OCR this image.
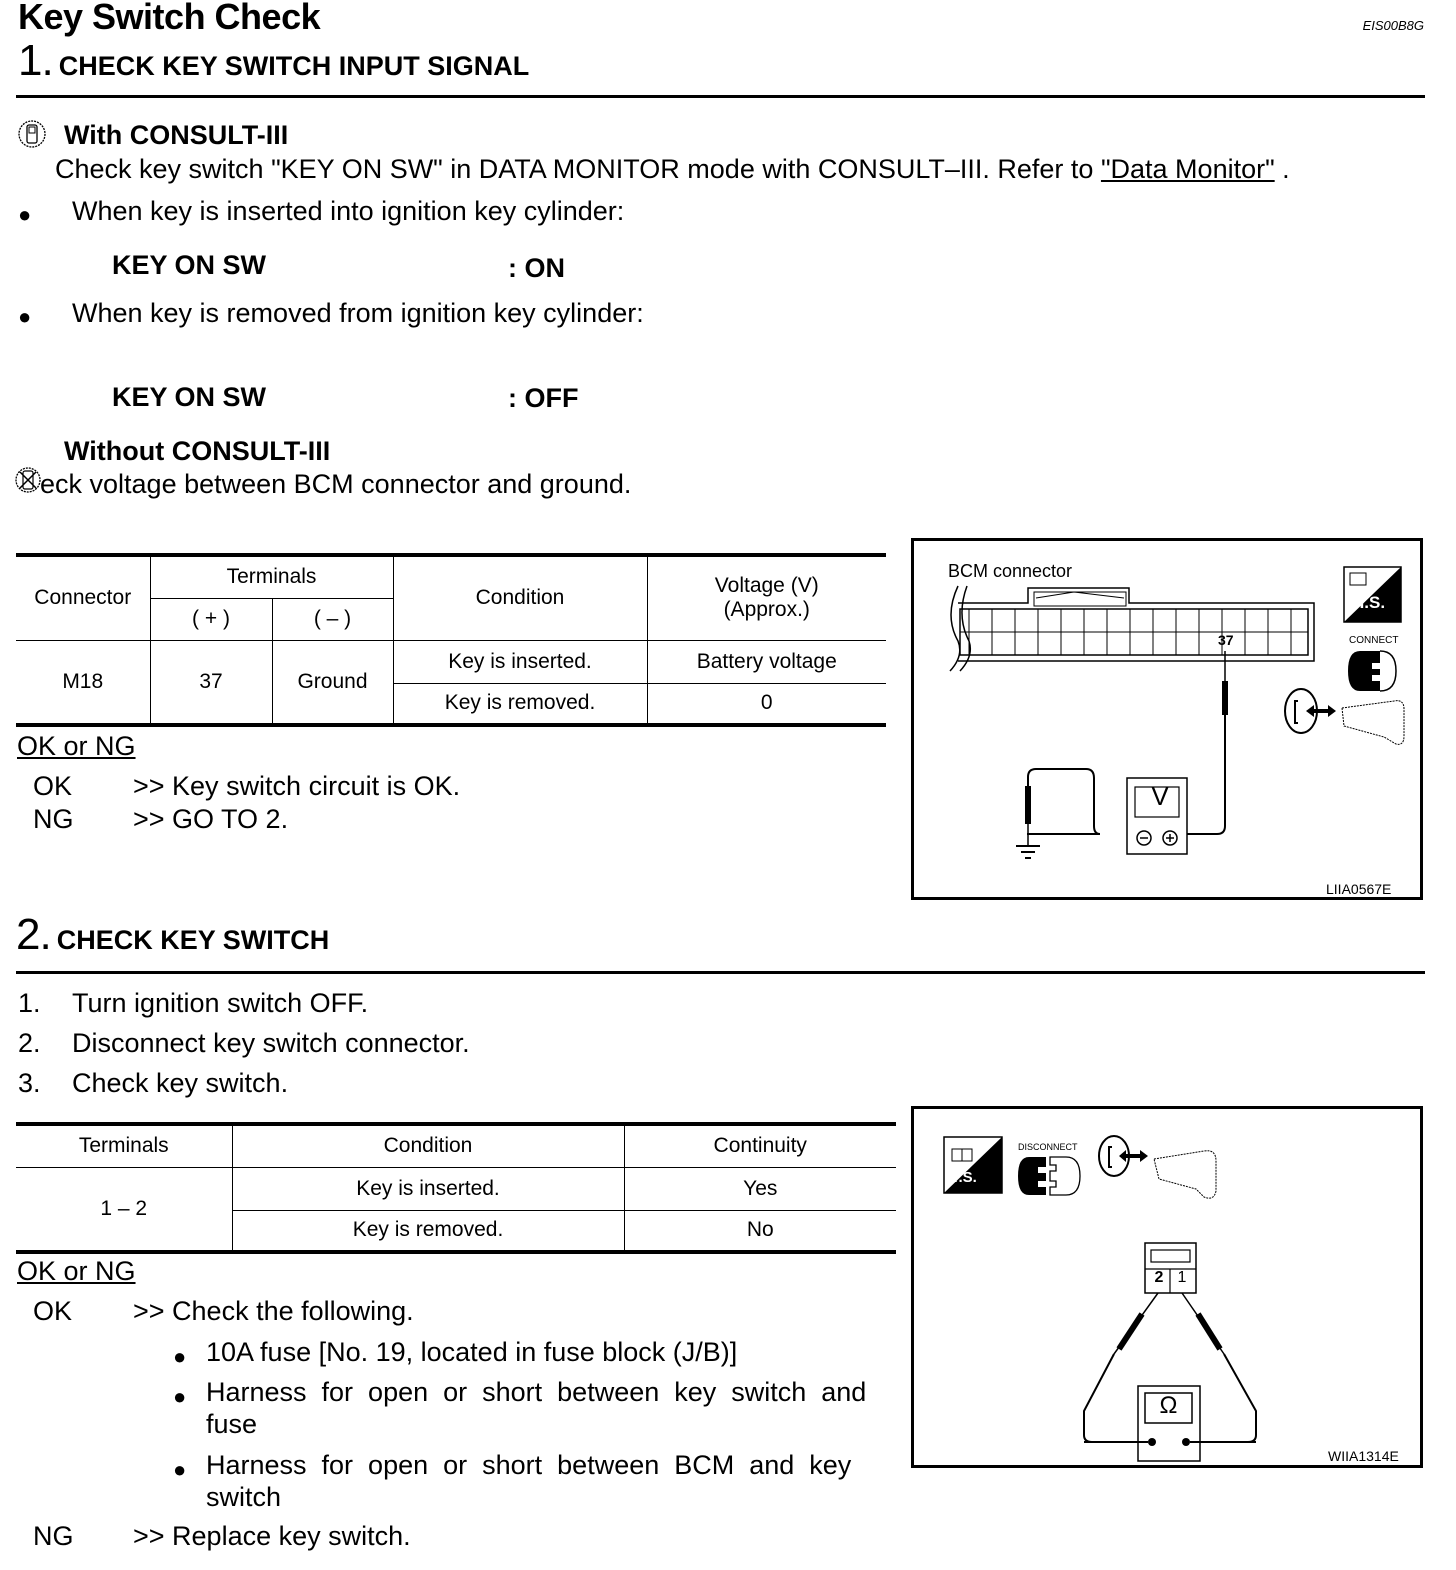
Key Switch Check	EIS00B8G
1. CHECK KEY SWITCH INPUT SIGNAL
With CONSULT-III
Check key switch "KEY ON SW" in DATA MONITOR mode with CONSULT–III. Refer to "Data Monitor" .
● When key is inserted into ignition key cylinder:
KEY ON SW	: ON
● When key is removed from ignition key cylinder:
KEY ON SW	: OFF
Without CONSULT-III
eck voltage between BCM connector and ground.
Connector	Terminals		Condition	Voltage (V)
(Approx.)

	( + )	( – )		
M18	37	Ground	Key is inserted.	Battery voltage
			Key is removed.	0
OK or NG
OK >> Key switch circuit is OK.
NG >> GO TO 2.
BCM connector
37
V
H.S.
CONNECT
LIIA0567E
2. CHECK KEY SWITCH
1. Turn ignition switch OFF.
2. Disconnect key switch connector.
3. Check key switch.
Terminals	Condition	Continuity
1 – 2	Key is inserted.	Yes
	Key is removed.	No
OK or NG
OK >> Check the following.
● 10A fuse [No. 19, located in fuse block (J/B)]
● Harness  for  open  or  short  between  key  switch  and
fuse
● Harness  for  open  or  short  between  BCM  and  key
switch
NG >> Replace key switch.
T.S.
DISCONNECT
2 1
Ω
WIIA1314E
